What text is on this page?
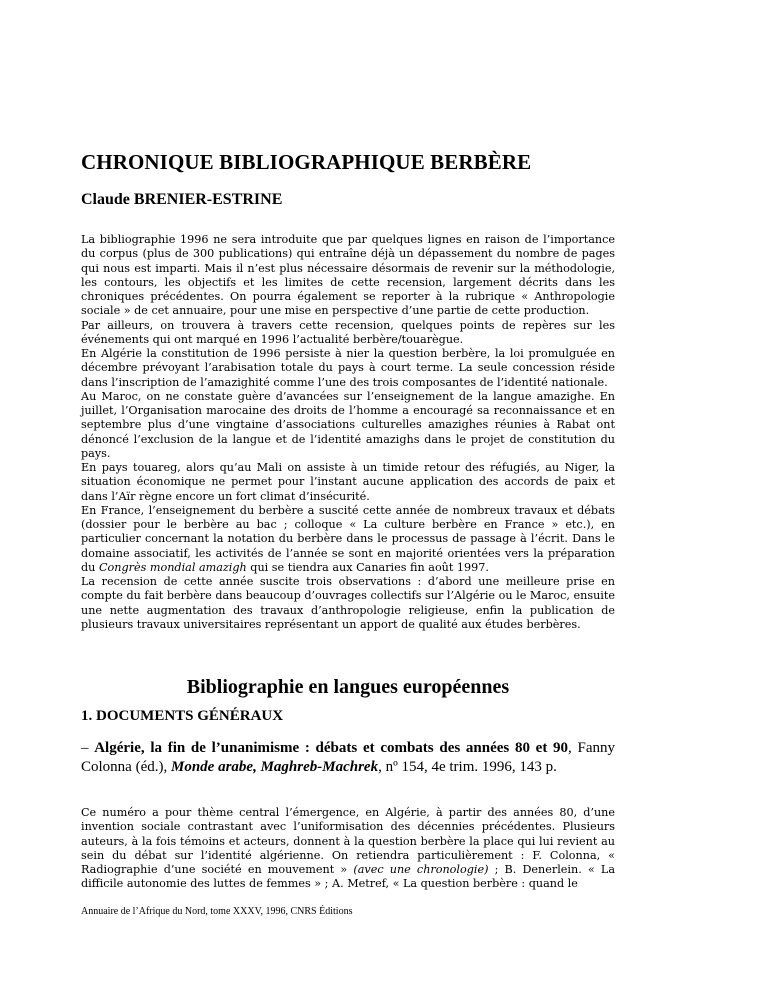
CHRONIQUE BIBLIOGRAPHIQUE BERBÈRE
Claude BRENIER-ESTRINE

La bibliographie 1996 ne sera introduite que par quelques lignes en raison de l’importance du corpus (plus de 300 publications) qui entraîne déjà un dépassement du nombre de pages qui nous est imparti. Mais il n’est plus nécessaire désormais de revenir sur la méthodologie, les contours, les objectifs et les limites de cette recension, largement décrits dans les chroniques précédentes. On pourra également se reporter à la rubrique « Anthropologie sociale » de cet annuaire, pour une mise en perspective d’une partie de cette production.

Par ailleurs, on trouvera à travers cette recension, quelques points de repères sur les événements qui ont marqué en 1996 l’actualité berbère/touarègue.

En Algérie la constitution de 1996 persiste à nier la question berbère, la loi promulguée en décembre prévoyant l’arabisation totale du pays à court terme. La seule concession réside dans l’inscription de l’amazighité comme l’une des trois composantes de l’identité nationale.

Au Maroc, on ne constate guère d’avancées sur l’enseignement de la langue amazighe. En juillet, l’Organisation marocaine des droits de l’homme a encouragé sa reconnaissance et en septembre plus d’une vingtaine d’associations culturelles amazighes réunies à Rabat ont dénoncé l’exclusion de la langue et de l’identité amazighs dans le projet de constitution du pays.

En pays touareg, alors qu’au Mali on assiste à un timide retour des réfugiés, au Niger, la situation économique ne permet pour l’instant aucune application des accords de paix et dans l’Aïr règne encore un fort climat d’insécurité.

En France, l’enseignement du berbère a suscité cette année de nombreux travaux et débats (dossier pour le berbère au bac ; colloque « La culture berbère en France » etc.), en particulier concernant la notation du berbère dans le processus de passage à l’écrit. Dans le domaine associatif, les activités de l’année se sont en majorité orientées vers la préparation du Congrès mondial amazigh qui se tiendra aux Canaries fin août 1997.

La recension de cette année suscite trois observations : d’abord une meilleure prise en compte du fait berbère dans beaucoup d’ouvrages collectifs sur l’Algérie ou le Maroc, ensuite une nette augmentation des travaux d’anthropologie religieuse, enfin la publication de plusieurs travaux universitaires représentant un apport de qualité aux études berbères.

Bibliographie en langues européennes
1. DOCUMENTS GÉNÉRAUX
– Algérie, la fin de l’unanimisme : débats et combats des années 80 et 90, Fanny Colonna (éd.), Monde arabe, Maghreb-Machrek, nº 154, 4e trim. 1996, 143 p.

Ce numéro a pour thème central l’émergence, en Algérie, à partir des années 80, d’une invention sociale contrastant avec l’uniformisation des décennies précédentes. Plusieurs auteurs, à la fois témoins et acteurs, donnent à la question berbère la place qui lui revient au sein du débat sur l’identité algérienne. On retiendra particulièrement : F. Colonna, « Radiographie d’une société en mouvement » (avec une chronologie) ; B. Denerlein. « La difficile autonomie des luttes de femmes » ; A. Metref, « La question berbère : quand le

Annuaire de l’Afrique du Nord, tome XXXV, 1996, CNRS Éditions
